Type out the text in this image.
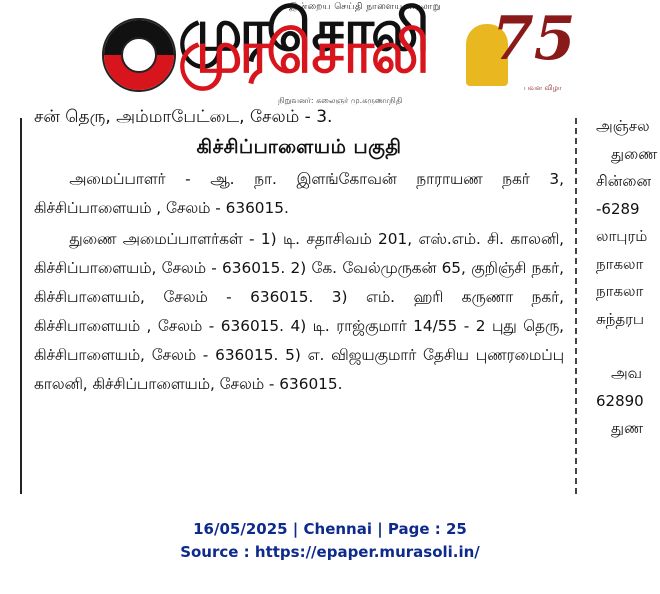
இன்றைய செய்தி நாளைய வரலாறு
முரசொலி
நிறுவனர்: கலைஞர் மு.கருணாநிதி
75
பவள விழா
சன் தெரு, அம்மாபேட்டை, சேலம் - 3.
கிச்சிப்பாளையம் பகுதி

அமைப்பாளர் - ஆ. நா. இளங்கோவன் நாராயண நகர் 3, கிச்சிப்பாளையம் , சேலம் - 636015.

துணை அமைப்பாளர்கள் - 1) டி. சதாசிவம் 201, எஸ்.எம். சி. காலனி, கிச்சிப்பாளையம், சேலம் - 636015. 2) கே. வேல்முருகன் 65, குறிஞ்சி நகர், கிச்சிபாளையம், சேலம் - 636015. 3) எம். ஹரி கருணா நகர், கிச்சிபாளையம் , சேலம் - 636015. 4) டி. ராஜ்குமார் 14/55 - 2 புது தெரு, கிச்சிபாளையம், சேலம் - 636015. 5) எ. விஜயகுமார் தேசிய புணரமைப்பு காலனி, கிச்சிப்பாளையம், சேலம் - 636015.

அஞ்சல
துணை
சின்னை
-6289
லாபுரம்
நாகலா
நாகலா
சுந்தரப
அவ
62890
துண
16/05/2025 | Chennai | Page : 25
Source : https://epaper.murasoli.in/
